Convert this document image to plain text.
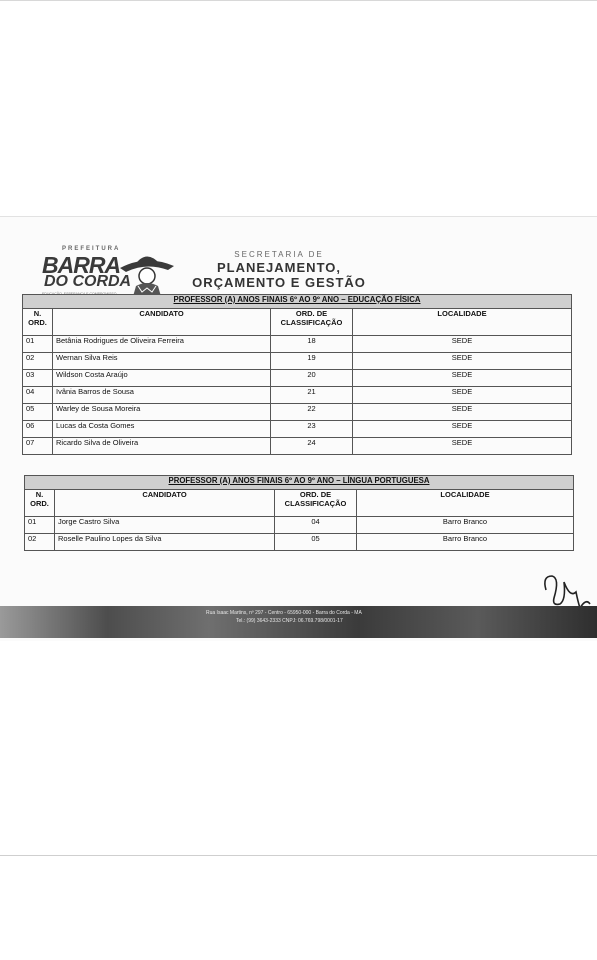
PREFEITURA
BARRA
DO CORDA
SECRETARIA DE
PLANEJAMENTO,
ORÇAMENTO E GESTÃO
PROFESSOR (A) ANOS FINAIS 6º AO 9º ANO – EDUCAÇÃO FÍSICA			
N. ORD.	CANDIDATO	ORD. DE CLASSIFICAÇÃO	LOCALIDADE
01	Betânia Rodrigues de Oliveira Ferreira	18	SEDE
02	Wernan Silva Reis	19	SEDE
03	Wildson Costa Araújo	20	SEDE
04	Ivânia Barros de Sousa	21	SEDE
05	Warley de Sousa Moreira	22	SEDE
06	Lucas da Costa Gomes	23	SEDE
07	Ricardo Silva de Oliveira	24	SEDE
PROFESSOR (A) ANOS FINAIS 6º AO 9º ANO – LÍNGUA PORTUGUESA			
N. ORD.	CANDIDATO	ORD. DE CLASSIFICAÇÃO	LOCALIDADE
01	Jorge Castro Silva	04	Barro Branco
02	Roselle Paulino Lopes da Silva	05	Barro Branco
Rua Isaac Martins, nº 297 - Centro - 65950-000 - Barra do Corda - MA
Tel.: (99) 3643-2333 CNPJ: 06.769.798/0001-17
